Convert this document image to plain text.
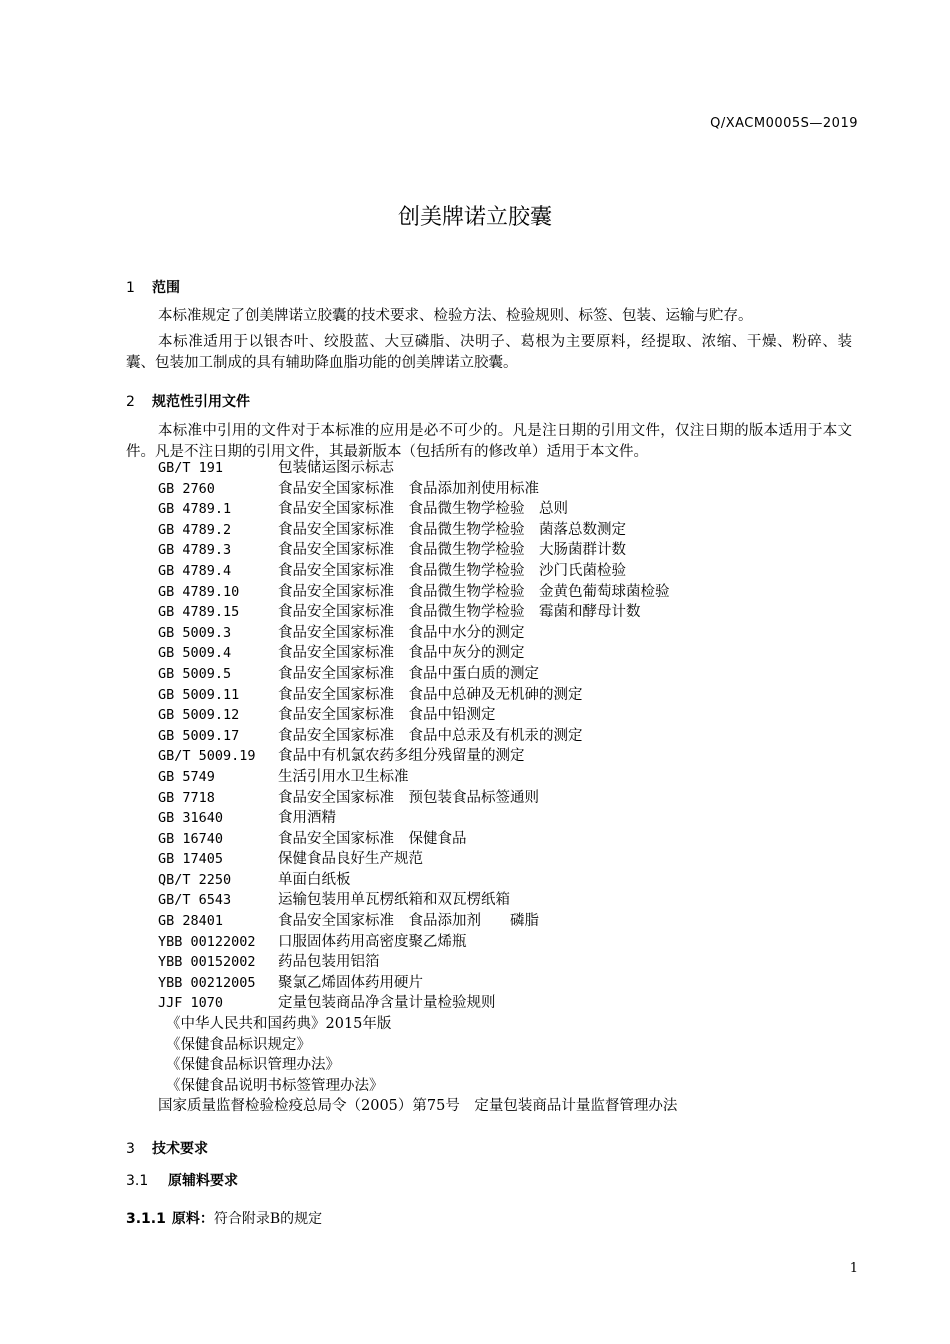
Q/XACM0005S—2019
创美牌诺立胶囊
1 范围
本标准规定了创美牌诺立胶囊的技术要求、检验方法、检验规则、标签、包装、运输与贮存。
本标准适用于以银杏叶、绞股蓝、大豆磷脂、决明子、葛根为主要原料，经提取、浓缩、干燥、粉碎、装囊、包装加工制成的具有辅助降血脂功能的创美牌诺立胶囊。
2 规范性引用文件
本标准中引用的文件对于本标准的应用是必不可少的。凡是注日期的引用文件，仅注日期的版本适用于本文件。凡是不注日期的引用文件，其最新版本（包括所有的修改单）适用于本文件。
GB/T 191	包装储运图示标志
GB 2760	食品安全国家标准　食品添加剂使用标准
GB 4789.1	食品安全国家标准　食品微生物学检验　总则
GB 4789.2	食品安全国家标准　食品微生物学检验　菌落总数测定
GB 4789.3	食品安全国家标准　食品微生物学检验　大肠菌群计数
GB 4789.4	食品安全国家标准　食品微生物学检验　沙门氏菌检验
GB 4789.10	食品安全国家标准　食品微生物学检验　金黄色葡萄球菌检验
GB 4789.15	食品安全国家标准　食品微生物学检验　霉菌和酵母计数
GB 5009.3	食品安全国家标准　食品中水分的测定
GB 5009.4	食品安全国家标准　食品中灰分的测定
GB 5009.5	食品安全国家标准　食品中蛋白质的测定
GB 5009.11	食品安全国家标准　食品中总砷及无机砷的测定
GB 5009.12	食品安全国家标准　食品中铅测定
GB 5009.17	食品安全国家标准　食品中总汞及有机汞的测定
GB/T 5009.19 食品中有机氯农药多组分残留量的测定
GB 5749	生活引用水卫生标准
GB 7718	食品安全国家标准　预包装食品标签通则
GB 31640	食用酒精
GB 16740	食品安全国家标准　保健食品
GB 17405	保健食品良好生产规范
QB/T 2250	单面白纸板
GB/T 6543	运输包装用单瓦楞纸箱和双瓦楞纸箱
GB 28401	食品安全国家标准　食品添加剂　　磷脂
YBB 00122002 口服固体药用高密度聚乙烯瓶
YBB 00152002 药品包装用铝箔
YBB 00212005 聚氯乙烯固体药用硬片
JJF 1070	定量包装商品净含量计量检验规则
《中华人民共和国药典》2015年版
《保健食品标识规定》
《保健食品标识管理办法》
《保健食品说明书标签管理办法》
国家质量监督检验检疫总局令（2005）第75号　定量包装商品计量监督管理办法
3 技术要求
3.1 原辅料要求
3.1.1 原料：符合附录B的规定
1
